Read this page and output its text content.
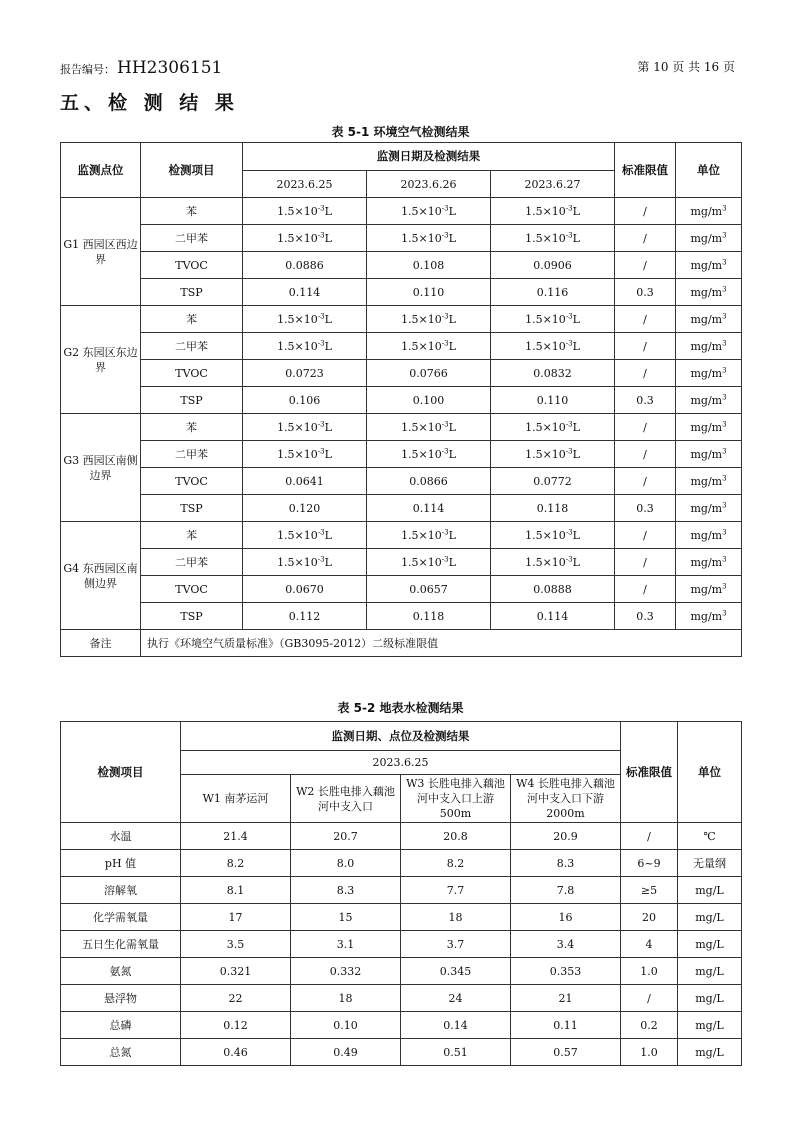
报告编号： HH2306151	第 10 页 共 16 页
五、检 测 结 果
表 5-1 环境空气检测结果
监测点位	检测项目	监测日期及检测结果			标准限值	单位
		2023.6.25	2023.6.26	2023.6.27		
G1 西园区西边界	苯	$1.5\times 10^{-3}L$	$1.5\times 10^{-3}L$	$1.5\times 10^{-3}L$	/	$mg/m^3$
	二甲苯	$1.5\times 10^{-3}L$	$1.5\times 10^{-3}L$	$1.5\times 10^{-3}L$	/	$mg/m^3$
	TVOC	0.0886	0.108	0.0906	/	$mg/m^3$
	TSP	0.114	0.110	0.116	0.3	$mg/m^3$
G2 东园区东边界	苯	$1.5\times 10^{-3}L$	$1.5\times 10^{-3}L$	$1.5\times 10^{-3}L$	/	$mg/m^3$
	二甲苯	$1.5\times 10^{-3}L$	$1.5\times 10^{-3}L$	$1.5\times 10^{-3}L$	/	$mg/m^3$
	TVOC	0.0723	0.0766	0.0832	/	$mg/m^3$
	TSP	0.106	0.100	0.110	0.3	$mg/m^3$
G3 西园区南侧边界	苯	$1.5\times 10^{-3}L$	$1.5\times 10^{-3}L$	$1.5\times 10^{-3}L$	/	$mg/m^3$
	二甲苯	$1.5\times 10^{-3}L$	$1.5\times 10^{-3}L$	$1.5\times 10^{-3}L$	/	$mg/m^3$
	TVOC	0.0641	0.0866	0.0772	/	$mg/m^3$
	TSP	0.120	0.114	0.118	0.3	$mg/m^3$
G4 东西园区南侧边界	苯	$1.5\times 10^{-3}L$	$1.5\times 10^{-3}L$	$1.5\times 10^{-3}L$	/	$mg/m^3$
	二甲苯	$1.5\times 10^{-3}L$	$1.5\times 10^{-3}L$	$1.5\times 10^{-3}L$	/	$mg/m^3$
	TVOC	0.0670	0.0657	0.0888	/	$mg/m^3$
	TSP	0.112	0.118	0.114	0.3	$mg/m^3$
备注	执行《环境空气质量标准》（GB3095-2012）二级标准限值					
表 5-2 地表水检测结果
检测项目	监测日期、点位及检测结果				标准限值	单位
	2023.6.25					
	W1 南茅运河	W2 长胜电排入藕池河中支入口	W3 长胜电排入藕池河中支入口上游 500m	W4 长胜电排入藕池河中支入口下游 2000m		
水温	21.4	20.7	20.8	20.9	/	℃
pH 值	8.2	8.0	8.2	8.3	6~9	无量纲
溶解氧	8.1	8.3	7.7	7.8	≥5	mg/L
化学需氧量	17	15	18	16	20	mg/L
五日生化需氧量	3.5	3.1	3.7	3.4	4	mg/L
氨氮	0.321	0.332	0.345	0.353	1.0	mg/L
悬浮物	22	18	24	21	/	mg/L
总磷	0.12	0.10	0.14	0.11	0.2	mg/L
总氮	0.46	0.49	0.51	0.57	1.0	mg/L
